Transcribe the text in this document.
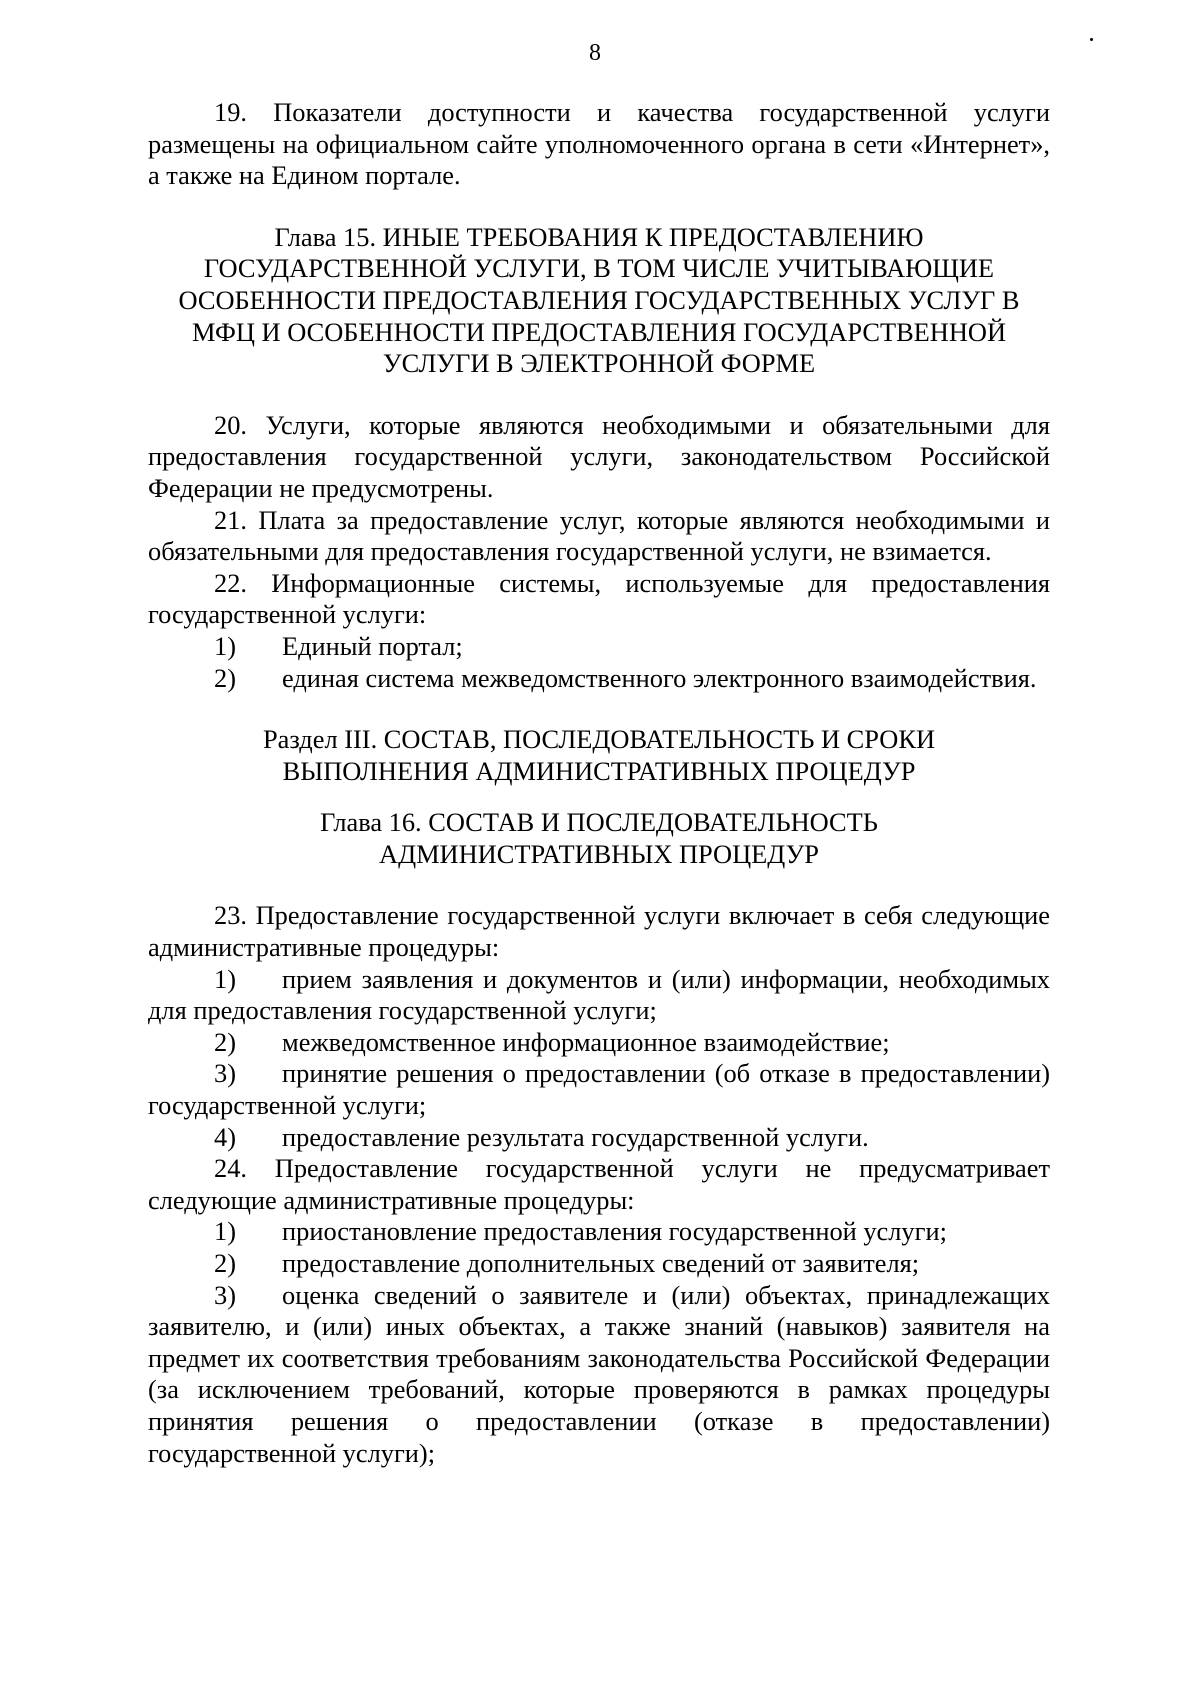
8

19. Показатели доступности и качества государственной услуги размещены на официальном сайте уполномоченного органа в сети «Интернет», а также на Едином портале.

Глава 15. ИНЫЕ ТРЕБОВАНИЯ К ПРЕДОСТАВЛЕНИЮ

ГОСУДАРСТВЕННОЙ УСЛУГИ, В ТОМ ЧИСЛЕ УЧИТЫВАЮЩИЕ

ОСОБЕННОСТИ ПРЕДОСТАВЛЕНИЯ ГОСУДАРСТВЕННЫХ УСЛУГ В

МФЦ И ОСОБЕННОСТИ ПРЕДОСТАВЛЕНИЯ ГОСУДАРСТВЕННОЙ

УСЛУГИ В ЭЛЕКТРОННОЙ ФОРМЕ

20. Услуги, которые являются необходимыми и обязательными для предоставления государственной услуги, законодательством Российской Федерации не предусмотрены.

21. Плата за предоставление услуг, которые являются необходимыми и обязательными для предоставления государственной услуги, не взимается.

22. Информационные системы, используемые для предоставления государственной услуги:

1) Единый портал;

2) единая система межведомственного электронного взаимодействия.

Раздел III. СОСТАВ, ПОСЛЕДОВАТЕЛЬНОСТЬ И СРОКИ

ВЫПОЛНЕНИЯ АДМИНИСТРАТИВНЫХ ПРОЦЕДУР

Глава 16. СОСТАВ И ПОСЛЕДОВАТЕЛЬНОСТЬ

АДМИНИСТРАТИВНЫХ ПРОЦЕДУР

23. Предоставление государственной услуги включает в себя следующие административные процедуры:

1) прием заявления и документов и (или) информации, необходимых для предоставления государственной услуги;

2) межведомственное информационное взаимодействие;

3) принятие решения о предоставлении (об отказе в предоставлении) государственной услуги;

4) предоставление результата государственной услуги.

24. Предоставление государственной услуги не предусматривает следующие административные процедуры:

1) приостановление предоставления государственной услуги;

2) предоставление дополнительных сведений от заявителя;

3) оценка сведений о заявителе и (или) объектах, принадлежащих заявителю, и (или) иных объектах, а также знаний (навыков) заявителя на предмет их соответствия требованиям законодательства Российской Федерации (за исключением требований, которые проверяются в рамках процедуры принятия решения о предоставлении (отказе в предоставлении) государственной услуги);
